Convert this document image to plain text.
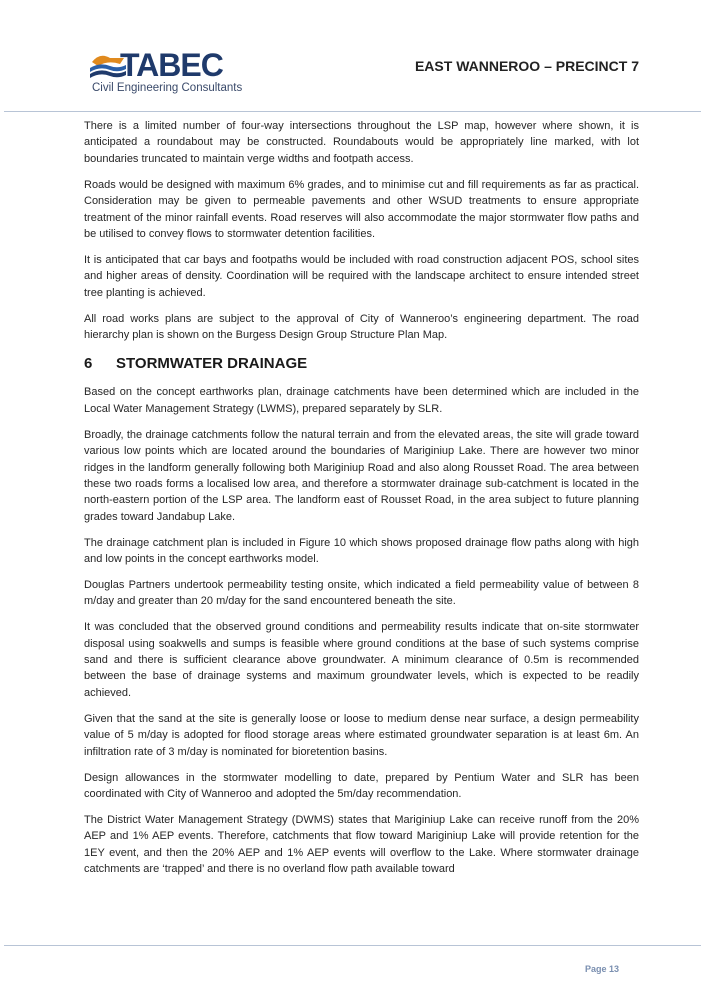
TABEC
Civil Engineering Consultants
EAST WANNEROO – PRECINCT 7

There is a limited number of four-way intersections throughout the LSP map, however where shown, it is anticipated a roundabout may be constructed. Roundabouts would be appropriately line marked, with lot boundaries truncated to maintain verge widths and footpath access.

Roads would be designed with maximum 6% grades, and to minimise cut and fill requirements as far as practical. Consideration may be given to permeable pavements and other WSUD treatments to ensure appropriate treatment of the minor rainfall events. Road reserves will also accommodate the major stormwater flow paths and be utilised to convey flows to stormwater detention facilities.

It is anticipated that car bays and footpaths would be included with road construction adjacent POS, school sites and higher areas of density. Coordination will be required with the landscape architect to ensure intended street tree planting is achieved.

All road works plans are subject to the approval of City of Wanneroo’s engineering department. The road hierarchy plan is shown on the Burgess Design Group Structure Plan Map.

6 STORMWATER DRAINAGE

Based on the concept earthworks plan, drainage catchments have been determined which are included in the Local Water Management Strategy (LWMS), prepared separately by SLR.

Broadly, the drainage catchments follow the natural terrain and from the elevated areas, the site will grade toward various low points which are located around the boundaries of Mariginiup Lake. There are however two minor ridges in the landform generally following both Mariginiup Road and also along Rousset Road. The area between these two roads forms a localised low area, and therefore a stormwater drainage sub-catchment is located in the north-eastern portion of the LSP area. The landform east of Rousset Road, in the area subject to future planning grades toward Jandabup Lake.

The drainage catchment plan is included in Figure 10 which shows proposed drainage flow paths along with high and low points in the concept earthworks model.

Douglas Partners undertook permeability testing onsite, which indicated a field permeability value of between 8 m/day and greater than 20 m/day for the sand encountered beneath the site.

It was concluded that the observed ground conditions and permeability results indicate that on-site stormwater disposal using soakwells and sumps is feasible where ground conditions at the base of such systems comprise sand and there is sufficient clearance above groundwater. A minimum clearance of 0.5m is recommended between the base of drainage systems and maximum groundwater levels, which is expected to be readily achieved.

Given that the sand at the site is generally loose or loose to medium dense near surface, a design permeability value of 5 m/day is adopted for flood storage areas where estimated groundwater separation is at least 6m. An infiltration rate of 3 m/day is nominated for bioretention basins.

Design allowances in the stormwater modelling to date, prepared by Pentium Water and SLR has been coordinated with City of Wanneroo and adopted the 5m/day recommendation.

The District Water Management Strategy (DWMS) states that Mariginiup Lake can receive runoff from the 20% AEP and 1% AEP events. Therefore, catchments that flow toward Mariginiup Lake will provide retention for the 1EY event, and then the 20% AEP and 1% AEP events will overflow to the Lake. Where stormwater drainage catchments are ‘trapped’ and there is no overland flow path available toward

Page 13
